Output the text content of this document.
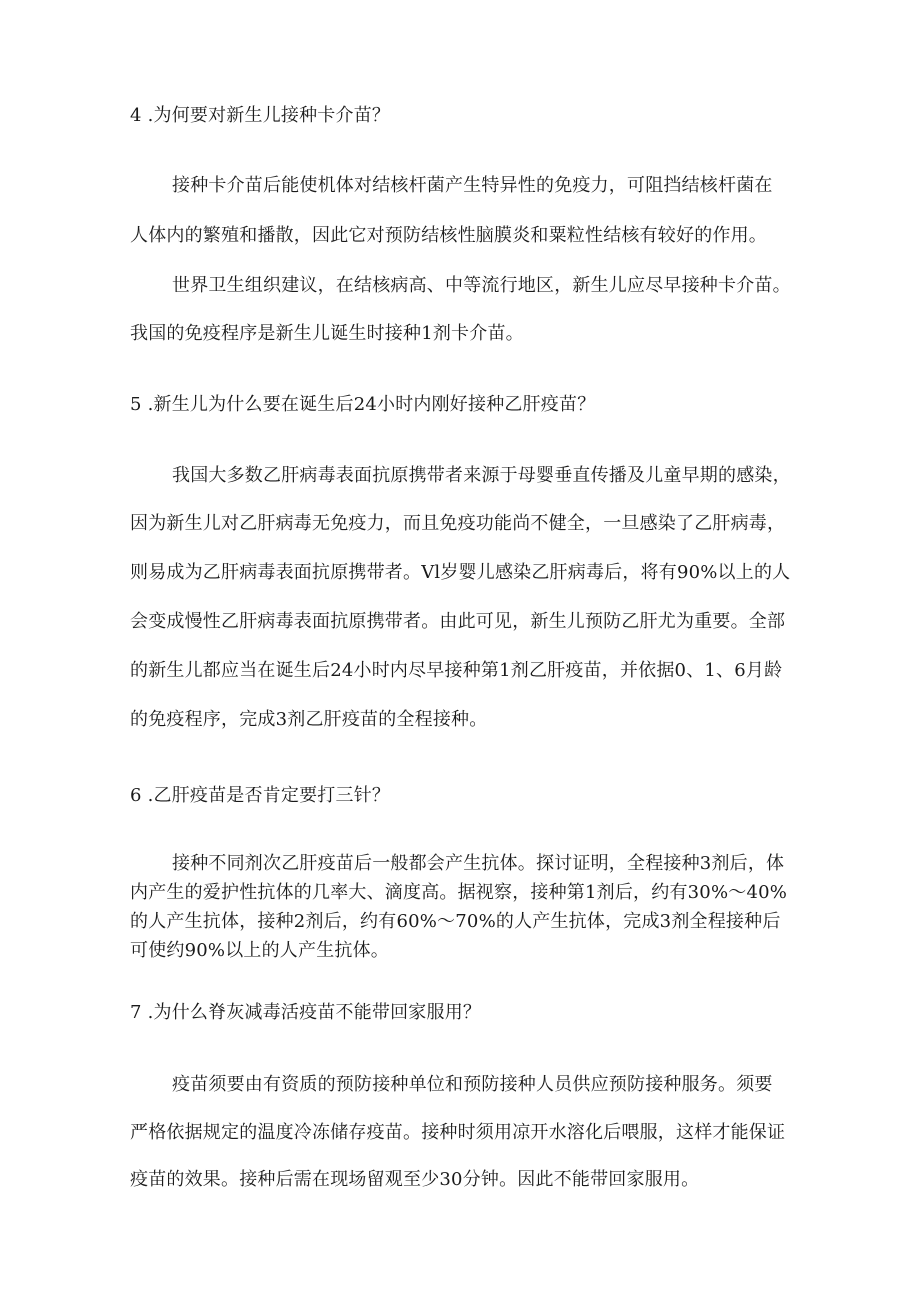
4 .为何要对新生儿接种卡介苗？
接种卡介苗后能使机体对结核杆菌产生特异性的免疫力，可阻挡结核杆菌在
人体内的繁殖和播散，因此它对预防结核性脑膜炎和粟粒性结核有较好的作用。
世界卫生组织建议，在结核病高、中等流行地区，新生儿应尽早接种卡介苗。
我国的免疫程序是新生儿诞生时接种1剂卡介苗。
5 .新生儿为什么要在诞生后24小时内刚好接种乙肝疫苗？
我国大多数乙肝病毒表面抗原携带者来源于母婴垂直传播及儿童早期的感染，
因为新生儿对乙肝病毒无免疫力，而且免疫功能尚不健全，一旦感染了乙肝病毒，
则易成为乙肝病毒表面抗原携带者。Vl岁婴儿感染乙肝病毒后，将有90%以上的人
会变成慢性乙肝病毒表面抗原携带者。由此可见，新生儿预防乙肝尤为重要。全部
的新生儿都应当在诞生后24小时内尽早接种第1剂乙肝疫苗，并依据0、1、6月龄
的免疫程序，完成3剂乙肝疫苗的全程接种。
6 .乙肝疫苗是否肯定要打三针？
接种不同剂次乙肝疫苗后一般都会产生抗体。探讨证明，全程接种3剂后，体
内产生的爱护性抗体的几率大、滴度高。据视察，接种第1剂后，约有30%～40%
的人产生抗体，接种2剂后，约有60%～70%的人产生抗体，完成3剂全程接种后
可使约90%以上的人产生抗体。
7 .为什么脊灰减毒活疫苗不能带回家服用？
疫苗须要由有资质的预防接种单位和预防接种人员供应预防接种服务。须要
严格依据规定的温度冷冻储存疫苗。接种时须用凉开水溶化后喂服，这样才能保证
疫苗的效果。接种后需在现场留观至少30分钟。因此不能带回家服用。
